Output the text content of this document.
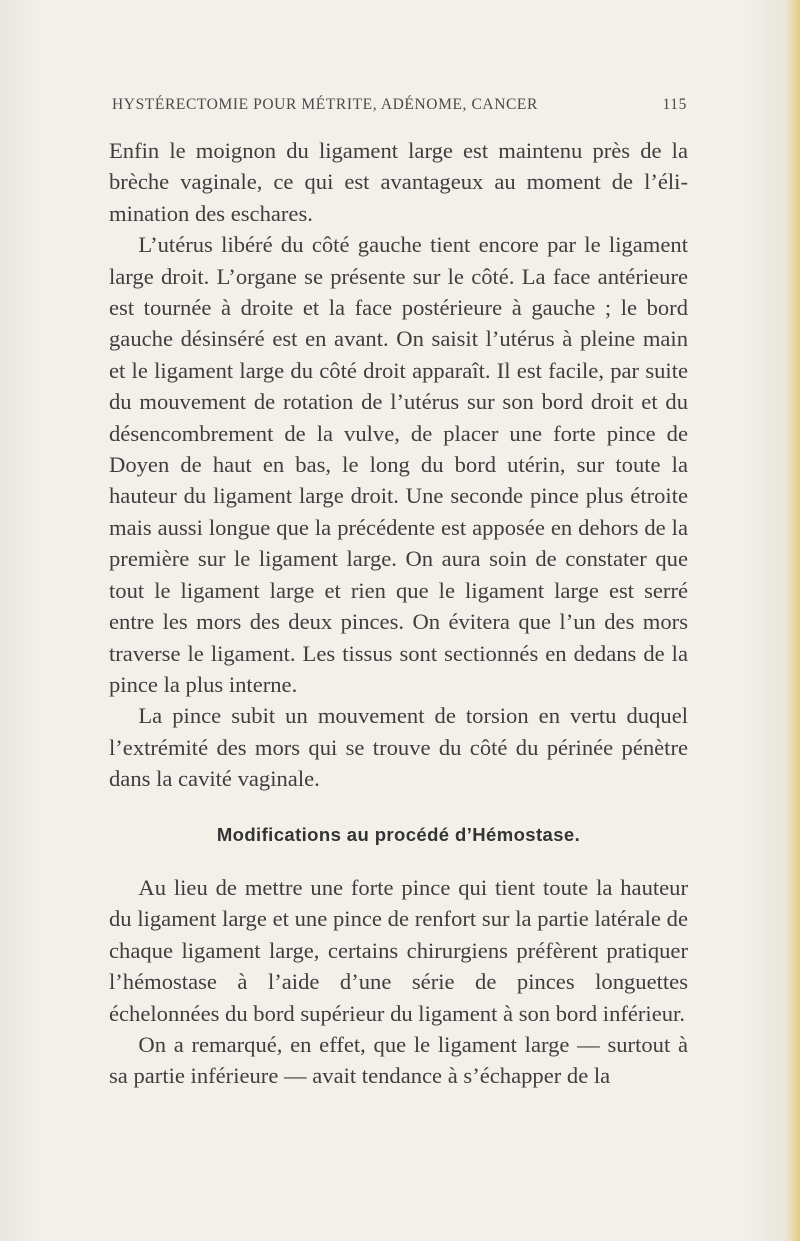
HYSTÉRECTOMIE POUR MÉTRITE, ADÉNOME, CANCER	115

Enfin le moignon du ligament large est maintenu près de la brèche vaginale, ce qui est avantageux au moment de l’élimination des eschares.

L’utérus libéré du côté gauche tient encore par le ligament large droit. L’organe se présente sur le côté. La face antérieure est tournée à droite et la face postérieure à gauche ; le bord gauche désinséré est en avant. On saisit l’utérus à pleine main et le ligament large du côté droit apparaît. Il est facile, par suite du mouvement de rotation de l’utérus sur son bord droit et du désencombrement de la vulve, de placer une forte pince de Doyen de haut en bas, le long du bord utérin, sur toute la hauteur du ligament large droit. Une seconde pince plus étroite mais aussi longue que la précédente est apposée en dehors de la première sur le ligament large. On aura soin de constater que tout le ligament large et rien que le ligament large est serré entre les mors des deux pinces. On évitera que l’un des mors traverse le ligament. Les tissus sont sectionnés en dedans de la pince la plus interne.

La pince subit un mouvement de torsion en vertu duquel l’extrémité des mors qui se trouve du côté du périnée pénètre dans la cavité vaginale.

Modifications au procédé d’Hémostase.

Au lieu de mettre une forte pince qui tient toute la hauteur du ligament large et une pince de renfort sur la partie latérale de chaque ligament large, certains chirurgiens préfèrent pratiquer l’hémostase à l’aide d’une série de pinces longuettes échelonnées du bord supérieur du ligament à son bord inférieur.

On a remarqué, en effet, que le ligament large — surtout à sa partie inférieure — avait tendance à s’échapper de la
